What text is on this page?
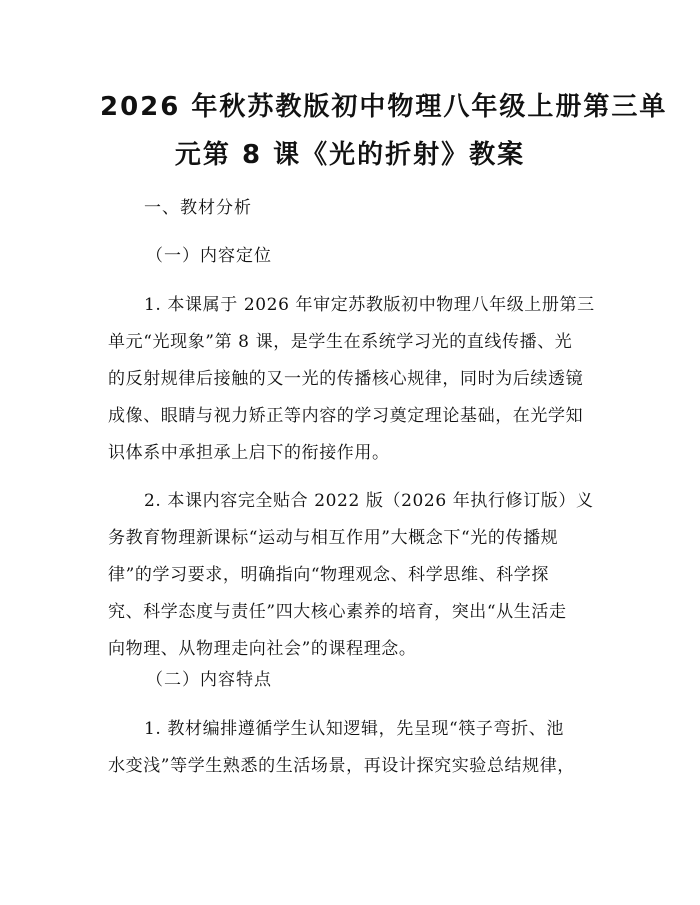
2026 年秋苏教版初中物理八年级上册第三单
元第 8 课《光的折射》教案
一、教材分析
（一）内容定位
1. 本课属于 2026 年审定苏教版初中物理八年级上册第三
单元“光现象”第 8 课，是学生在系统学习光的直线传播、光
的反射规律后接触的又一光的传播核心规律，同时为后续透镜
成像、眼睛与视力矫正等内容的学习奠定理论基础，在光学知
识体系中承担承上启下的衔接作用。
2. 本课内容完全贴合 2022 版（2026 年执行修订版）义
务教育物理新课标“运动与相互作用”大概念下“光的传播规
律”的学习要求，明确指向“物理观念、科学思维、科学探
究、科学态度与责任”四大核心素养的培育，突出“从生活走
向物理、从物理走向社会”的课程理念。
（二）内容特点
1. 教材编排遵循学生认知逻辑，先呈现“筷子弯折、池
水变浅”等学生熟悉的生活场景，再设计探究实验总结规律，
